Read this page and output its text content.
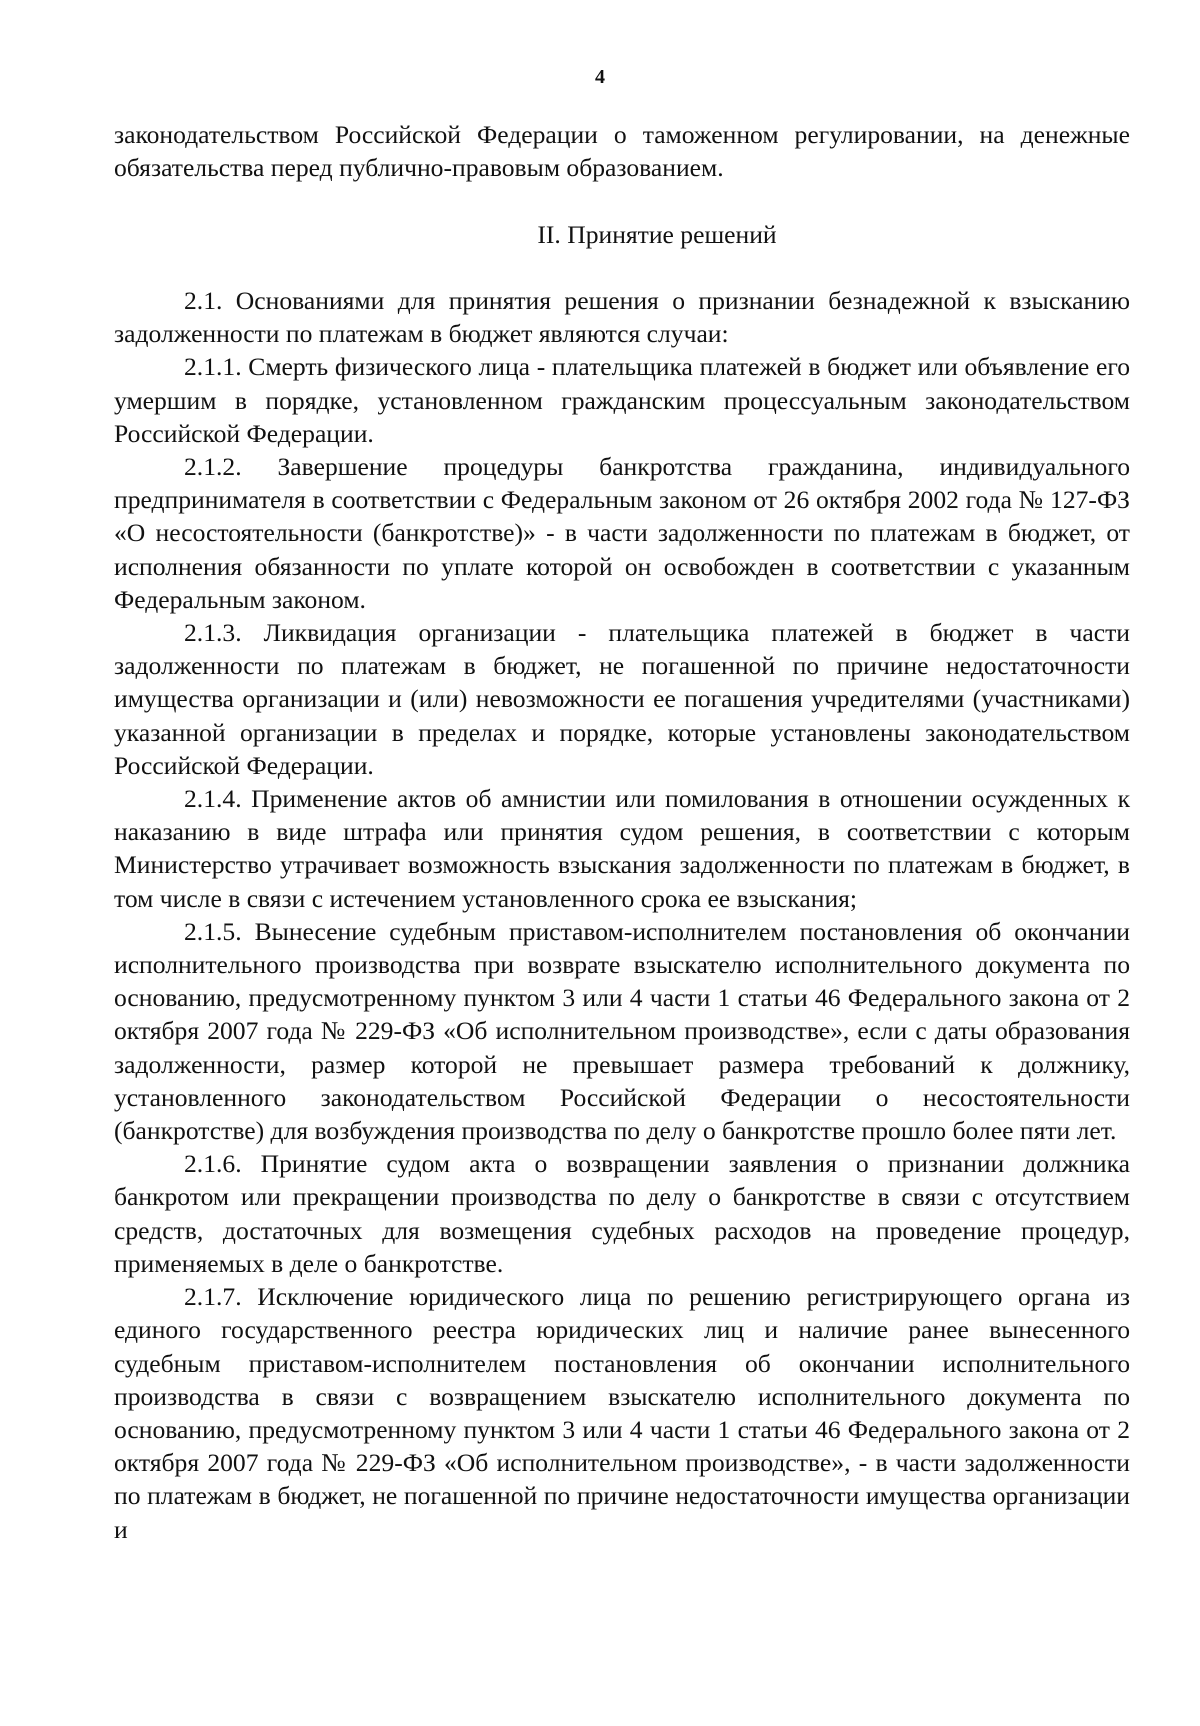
4

законодательством Российской Федерации о таможенном регулировании, на денежные обязательства перед публично-правовым образованием.

II. Принятие решений

2.1. Основаниями для принятия решения о признании безнадежной к взысканию задолженности по платежам в бюджет являются случаи:

2.1.1. Смерть физического лица - плательщика платежей в бюджет или объявление его умершим в порядке, установленном гражданским процессуальным законодательством Российской Федерации.

2.1.2. Завершение процедуры банкротства гражданина, индивидуального предпринимателя в соответствии с Федеральным законом от 26 октября 2002 года № 127-ФЗ «О несостоятельности (банкротстве)» - в части задолженности по платежам в бюджет, от исполнения обязанности по уплате которой он освобожден в соответствии с указанным Федеральным законом.

2.1.3. Ликвидация организации - плательщика платежей в бюджет в части задолженности по платежам в бюджет, не погашенной по причине недостаточности имущества организации и (или) невозможности ее погашения учредителями (участниками) указанной организации в пределах и порядке, которые установлены законодательством Российской Федерации.

2.1.4. Применение актов об амнистии или помилования в отношении осужденных к наказанию в виде штрафа или принятия судом решения, в соответствии с которым Министерство утрачивает возможность взыскания задолженности по платежам в бюджет, в том числе в связи с истечением установленного срока ее взыскания;

2.1.5. Вынесение судебным приставом-исполнителем постановления об окончании исполнительного производства при возврате взыскателю исполнительного документа по основанию, предусмотренному пунктом 3 или 4 части 1 статьи 46 Федерального закона от 2 октября 2007 года № 229-ФЗ «Об исполнительном производстве», если с даты образования задолженности, размер которой не превышает размера требований к должнику, установленного законодательством Российской Федерации о несостоятельности (банкротстве) для возбуждения производства по делу о банкротстве прошло более пяти лет.

2.1.6. Принятие судом акта о возвращении заявления о признании должника банкротом или прекращении производства по делу о банкротстве в связи с отсутствием средств, достаточных для возмещения судебных расходов на проведение процедур, применяемых в деле о банкротстве.

2.1.7. Исключение юридического лица по решению регистрирующего органа из единого государственного реестра юридических лиц и наличие ранее вынесенного судебным приставом-исполнителем постановления об окончании исполнительного производства в связи с возвращением взыскателю исполнительного документа по основанию, предусмотренному пунктом 3 или 4 части 1 статьи 46 Федерального закона от 2 октября 2007 года № 229-ФЗ «Об исполнительном производстве», - в части задолженности по платежам в бюджет, не погашенной по причине недостаточности имущества организации и
